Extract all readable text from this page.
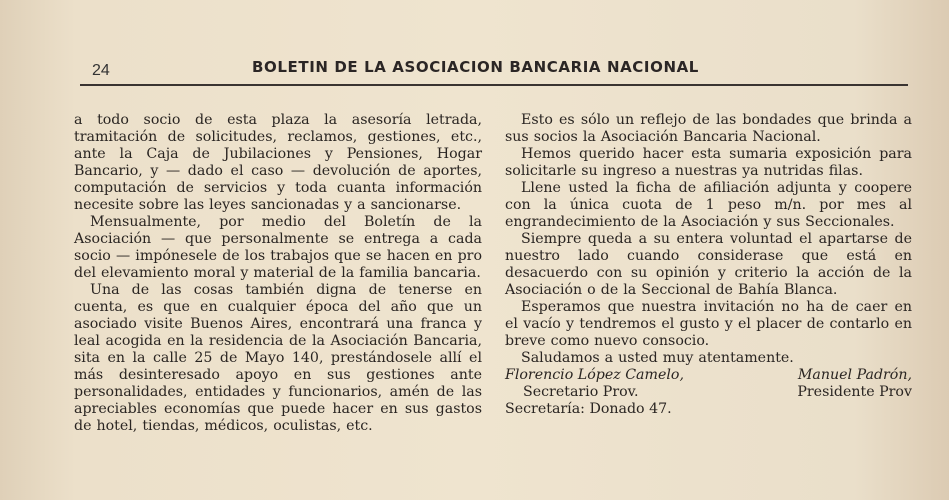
24	BOLETIN DE LA ASOCIACION BANCARIA NACIONAL

a todo socio de esta plaza la asesoría letrada, tramitación de solicitudes, reclamos, gestiones, etc., ante la Caja de Jubilaciones y Pensiones, Hogar Bancario, y — dado el caso — devolución de aportes, computación de servicios y toda cuanta información necesite sobre las leyes sancionadas y a sancionarse.

Mensualmente, por medio del Boletín de la Asociación — que personalmente se entrega a cada socio — impónesele de los trabajos que se hacen en pro del elevamiento moral y material de la familia bancaria.

Una de las cosas también digna de tenerse en cuenta, es que en cualquier época del año que un asociado visite Buenos Aires, encontrará una franca y leal acogida en la residencia de la Asociación Bancaria, sita en la calle 25 de Mayo 140, prestándosele allí el más desinteresado apoyo en sus gestiones ante personalidades, entidades y funcionarios, amén de las apreciables economías que puede hacer en sus gastos de hotel, tiendas, médicos, oculistas, etc.

Esto es sólo un reflejo de las bondades que brinda a sus socios la Asociación Bancaria Nacional.

Hemos querido hacer esta sumaria exposición para solicitarle su ingreso a nuestras ya nutridas filas.

Llene usted la ficha de afiliación adjunta y coopere con la única cuota de 1 peso m/n. por mes al engrandecimiento de la Asociación y sus Seccionales.

Siempre queda a su entera voluntad el apartarse de nuestro lado cuando considerase que está en desacuerdo con su opinión y criterio la acción de la Asociación o de la Seccional de Bahía Blanca.

Esperamos que nuestra invitación no ha de caer en el vacío y tendremos el gusto y el placer de contarlo en breve como nuevo consocio.

Saludamos a usted muy atentamente.

Florencio López Camelo,	Manuel Padrón,
Secretario Prov.	Presidente Prov
Secretaría: Donado 47.
